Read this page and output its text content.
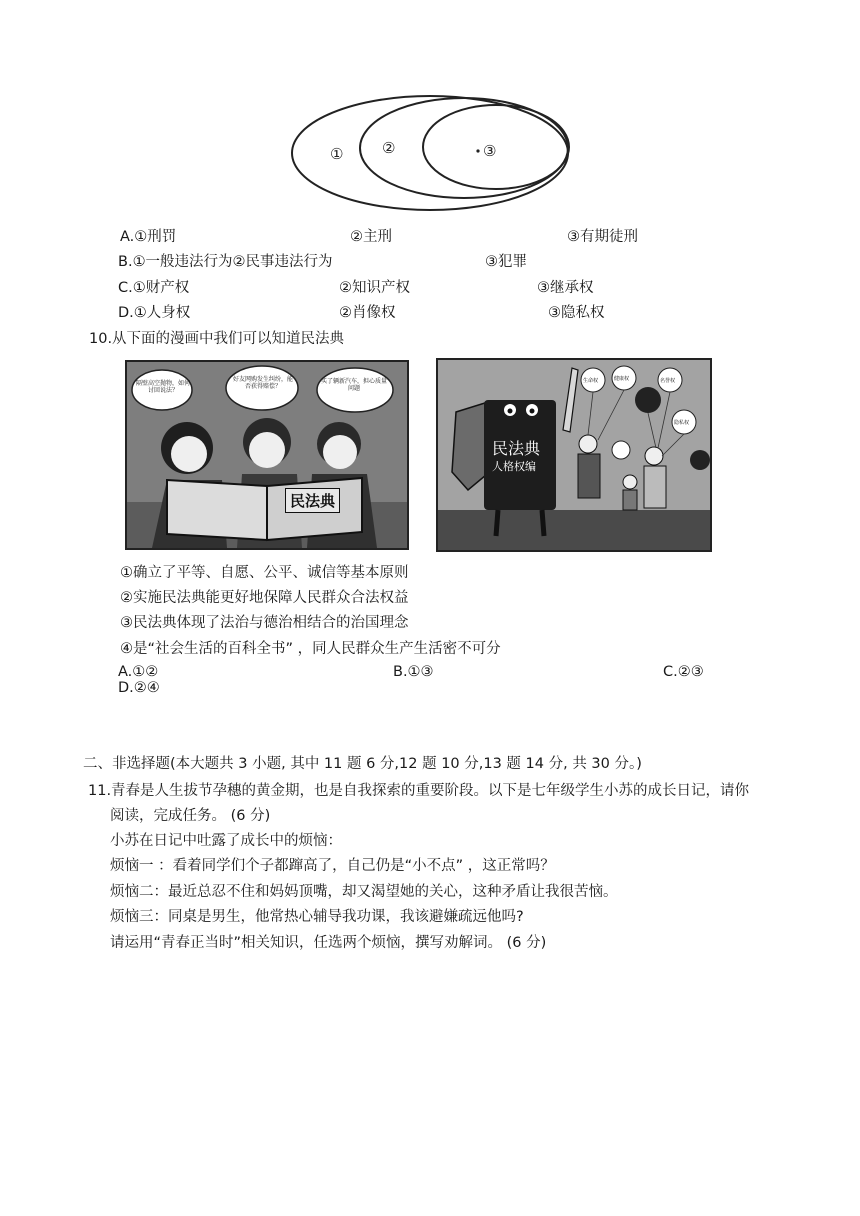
①	②	③
A.①刑罚	②主刑	③有期徒刑
B.①一般违法行为②民事违法行为	③犯罪
C.①财产权	②知识产权	③继承权
D.①人身权	②肖像权	③隐私权
10.从下面的漫画中我们可以知道民法典
隔壁高空抛物，如何讨回说法？
好友网购发生纠纷，能否获得赔偿？
买了辆新汽车，担心质量问题
民法典
民法典
人格权编
生命权	健康权	名誉权
隐私权
①确立了平等、自愿、公平、诚信等基本原则
②实施民法典能更好地保障人民群众合法权益
③民法典体现了法治与德治相结合的治国理念
④是“社会生活的百科全书” ，同人民群众生产生活密不可分
A.①②	B.①③	C.②③
D.②④
二、非选择题(本大题共 3 小题, 其中 11 题 6 分,12 题 10 分,13 题 14 分, 共 30 分。)
11.青春是人生拔节孕穗的黄金期，也是自我探索的重要阶段。以下是七年级学生小苏的成长日记，请你
阅读，完成任务。 (6 分)
小苏在日记中吐露了成长中的烦恼：
烦恼一 ：看着同学们个子都蹿高了，自己仍是“小不点” ，这正常吗？
烦恼二：最近总忍不住和妈妈顶嘴，却又渴望她的关心，这种矛盾让我很苦恼。
烦恼三：同桌是男生，他常热心辅导我功课，我该避嫌疏远他吗?
请运用“青春正当时”相关知识，任选两个烦恼，撰写劝解词。 (6 分)
